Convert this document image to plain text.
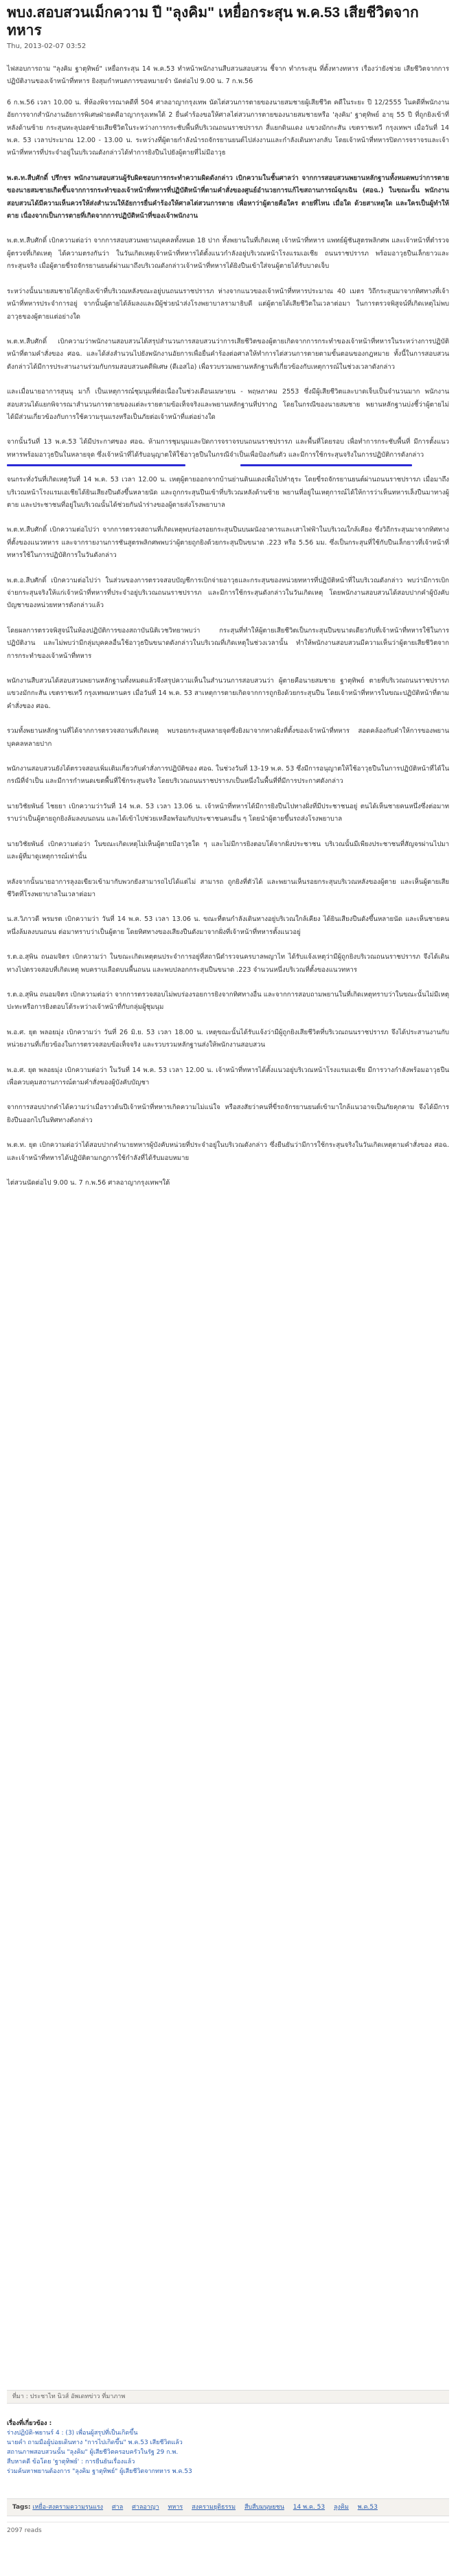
พบง.สอบสวนเม็กความ ปี "ลุงคิม" เหยื่อกระสุน พ.ค.53 เสียชีวิตจากทหาร
Thu, 2013-02-07 03:52

ไฟสอบการถาม "ลุงคิม ฐาตุทิพย์" เหยื่อกระสุน 14 พ.ค.53 ทำหน้าพนักงานสืบสวนสอบสวน ชี้จาก ทำกระสุน ที่ตั้งทางทหาร เรื่องว่ายังช่วย เสียชีวิตจากการปฏิบัติงานของเจ้าหน้าที่ทหาร ยิงสุมกำหนดการขอหมายจำ นัดต่อไป 9.00 น. 7 ก.พ.56

6 ก.พ.56 เวลา 10.00 น. ที่ห้องพิจารณาคดีที่ 504 ศาลอาญากรุงเทพ นัดไต่สวนการตายของนายสมชายผู้เสียชีวิต คดีในระยะ ปี 12/2555 ในคดีที่พนักงานอัยการจากสำนักงานอัยการพิเศษฝ่ายคดีอาญากรุงเทพใต้ 2 ยื่นคำร้องขอให้ศาลไต่สวนการตายของนายสมชายหรือ 'ลุงคิม' ฐาตุทิพย์ อายุ 55 ปี ที่ถูกยิงเข้าที่หลังด้านซ้าย กระสุนทะลุปอดซ้ายเสียชีวิตในระหว่างการกระชับพื้นที่บริเวณถนนราชปรารภ สี่แยกดินแดง แขวงมักกะสัน เขตราชเทวี กรุงเทพฯ เมื่อวันที่ 14 พ.ค. 53 เวลาประมาณ 12.00 - 13.00 น. ระหว่างที่ผู้ตายกำลังนำรถจักรยานยนต์ไปส่งงานและกำลังเดินทางกลับ โดยเจ้าหน้าที่ทหารปิดการจราจรและเจ้าหน้าที่ทหารที่ประจำอยู่ในบริเวณดังกล่าวได้ทำการยิงปืนไปยังผู้ตายที่ไม่มีอาวุธ

พ.ต.ท.สืบศักดิ์ ปรึกชร พนักงานสอบสวนผู้รับผิดชอบการกระทำความผิดดังกล่าว เบิกความในชั้นศาลว่า จากการสอบสวนพยานหลักฐานทั้งหมดพบว่าการตายของนายสมชายเกิดขึ้นจากการกระทำของเจ้าหน้าที่ทหารที่ปฏิบัติหน้าที่ตามคำสั่งของศูนย์อำนวยการแก้ไขสถานการณ์ฉุกเฉิน (ศอฉ.) ในขณะนั้น พนักงานสอบสวนได้มีความเห็นควรให้ส่งสำนวนให้อัยการยื่นคำร้องให้ศาลไต่สวนการตาย เพื่อหาว่าผู้ตายคือใคร ตายที่ไหน เมื่อใด ด้วยสาเหตุใด และใครเป็นผู้ทำให้ตาย เนื่องจากเป็นการตายที่เกิดจากการปฏิบัติหน้าที่ของเจ้าพนักงาน

พ.ต.ท.สืบศักดิ์ เบิกความต่อว่า จากการสอบสวนพยานบุคคลทั้งหมด 18 ปาก ทั้งพยานในที่เกิดเหตุ เจ้าหน้าที่ทหาร แพทย์ผู้ชันสูตรพลิกศพ และเจ้าหน้าที่ตำรวจผู้ตรวจที่เกิดเหตุ ได้ความตรงกันว่า ในวันเกิดเหตุเจ้าหน้าที่ทหารได้ตั้งแนวกำลังอยู่บริเวณหน้าโรงแรมเอเชีย ถนนราชปรารภ พร้อมอาวุธปืนเล็กยาวและกระสุนจริง เมื่อผู้ตายขี่รถจักรยานยนต์ผ่านมาถึงบริเวณดังกล่าวเจ้าหน้าที่ทหารได้ยิงปืนเข้าใส่จนผู้ตายได้รับบาดเจ็บ

ระหว่างนั้นนายสมชายได้ถูกยิงเข้าที่บริเวณหลังขณะอยู่บนถนนราชปรารภ ห่างจากแนวของเจ้าหน้าที่ทหารประมาณ 40 เมตร วิถีกระสุนมาจากทิศทางที่เจ้าหน้าที่ทหารประจำการอยู่ จากนั้นผู้ตายได้ล้มลงและมีผู้ช่วยนำส่งโรงพยาบาลรามาธิบดี แต่ผู้ตายได้เสียชีวิตในเวลาต่อมา ในการตรวจพิสูจน์ที่เกิดเหตุไม่พบอาวุธของผู้ตายแต่อย่างใด

พ.ต.ท.สืบศักดิ์ เบิกความว่าพนักงานสอบสวนได้สรุปสำนวนการสอบสวนว่าการเสียชีวิตของผู้ตายเกิดจากการกระทำของเจ้าหน้าที่ทหารในระหว่างการปฏิบัติหน้าที่ตามคำสั่งของ ศอฉ. และได้ส่งสำนวนไปยังพนักงานอัยการเพื่อยื่นคำร้องต่อศาลให้ทำการไต่สวนการตายตามขั้นตอนของกฎหมาย ทั้งนี้ในการสอบสวนดังกล่าวได้มีการประสานงานร่วมกับกรมสอบสวนคดีพิเศษ (ดีเอสไอ) เพื่อรวบรวมพยานหลักฐานที่เกี่ยวข้องกับเหตุการณ์ในช่วงเวลาดังกล่าว

และเมื่อนายอาการสุนนุ มาก็ เป็นเหตุการณ์ชุมนุมที่ต่อเนื่องในช่วงเดือนเมษายน - พฤษภาคม 2553 ซึ่งมีผู้เสียชีวิตและบาดเจ็บเป็นจำนวนมาก พนักงานสอบสวนได้แยกพิจารณาสำนวนการตายของแต่ละรายตามข้อเท็จจริงและพยานหลักฐานที่ปรากฏ โดยในกรณีของนายสมชาย พยานหลักฐานบ่งชี้ว่าผู้ตายไม่ได้มีส่วนเกี่ยวข้องกับการใช้ความรุนแรงหรือเป็นภัยต่อเจ้าหน้าที่แต่อย่างใด

จากนั้นวันที่ 13 พ.ค.53 ได้มีประกาศของ ศอฉ. ห้ามการชุมนุมและปิดการจราจรบนถนนราชปรารภ และพื้นที่โดยรอบ เพื่อทำการกระชับพื้นที่ มีการตั้งแนวทหารพร้อมอาวุธปืนในหลายจุด ซึ่งเจ้าหน้าที่ได้รับอนุญาตให้ใช้อาวุธปืนในกรณีจำเป็นเพื่อป้องกันตัว และมีการใช้กระสุนจริงในการปฏิบัติการดังกล่าว

จนกระทั่งวันที่เกิดเหตุวันที่ 14 พ.ค. 53 เวลา 12.00 น. เหตุผู้ตายออกจากบ้านย่านดินแดงเพื่อไปทำธุระ โดยขี่รถจักรยานยนต์ผ่านถนนราชปรารภ เมื่อมาถึงบริเวณหน้าโรงแรมเอเชียได้ยินเสียงปืนดังขึ้นหลายนัด และถูกกระสุนปืนเข้าที่บริเวณหลังด้านซ้าย พยานที่อยู่ในเหตุการณ์ได้ให้การว่าเห็นทหารเล็งปืนมาทางผู้ตาย และประชาชนที่อยู่ในบริเวณนั้นได้ช่วยกันนำร่างของผู้ตายส่งโรงพยาบาล

พ.ต.ท.สืบศักดิ์ เบิกความต่อไปว่า จากการตรวจสถานที่เกิดเหตุพบร่องรอยกระสุนปืนบนผนังอาคารและเสาไฟฟ้าในบริเวณใกล้เคียง ซึ่งวิถีกระสุนมาจากทิศทางที่ตั้งของแนวทหาร และจากรายงานการชันสูตรพลิกศพพบว่าผู้ตายถูกยิงด้วยกระสุนปืนขนาด .223 หรือ 5.56 มม. ซึ่งเป็นกระสุนที่ใช้กับปืนเล็กยาวที่เจ้าหน้าที่ทหารใช้ในการปฏิบัติการในวันดังกล่าว

พ.ต.อ.สืบศักดิ์ เบิกความต่อไปว่า ในส่วนของการตรวจสอบบัญชีการเบิกจ่ายอาวุธและกระสุนของหน่วยทหารที่ปฏิบัติหน้าที่ในบริเวณดังกล่าว พบว่ามีการเบิกจ่ายกระสุนจริงให้แก่เจ้าหน้าที่ทหารที่ประจำอยู่บริเวณถนนราชปรารภ และมีการใช้กระสุนดังกล่าวในวันเกิดเหตุ โดยพนักงานสอบสวนได้สอบปากคำผู้บังคับบัญชาของหน่วยทหารดังกล่าวแล้ว

โดยผลการตรวจพิสูจน์ในห้องปฏิบัติการของสถาบันนิติเวชวิทยาพบว่า กระสุนที่ทำให้ผู้ตายเสียชีวิตเป็นกระสุนปืนขนาดเดียวกับที่เจ้าหน้าที่ทหารใช้ในการปฏิบัติงาน และไม่พบว่ามีกลุ่มบุคคลอื่นใช้อาวุธปืนขนาดดังกล่าวในบริเวณที่เกิดเหตุในช่วงเวลานั้น ทำให้พนักงานสอบสวนมีความเห็นว่าผู้ตายเสียชีวิตจากการกระทำของเจ้าหน้าที่ทหาร

พนักงานสืบสวนได้สอบสวนพยานหลักฐานทั้งหมดแล้วจึงสรุปความเห็นในสำนวนการสอบสวนว่า ผู้ตายคือนายสมชาย ฐาตุทิพย์ ตายที่บริเวณถนนราชปรารภ แขวงมักกะสัน เขตราชเทวี กรุงเทพมหานคร เมื่อวันที่ 14 พ.ค. 53 สาเหตุการตายเกิดจากการถูกยิงด้วยกระสุนปืน โดยเจ้าหน้าที่ทหารในขณะปฏิบัติหน้าที่ตามคำสั่งของ ศอฉ.

รวมทั้งพยานหลักฐานที่ได้จากการตรวจสถานที่เกิดเหตุ พบรอยกระสุนหลายจุดซึ่งยิงมาจากทางฝั่งที่ตั้งของเจ้าหน้าที่ทหาร สอดคล้องกับคำให้การของพยานบุคคลหลายปาก

พนักงานสอบสวนยังได้ตรวจสอบเพิ่มเติมเกี่ยวกับคำสั่งการปฏิบัติของ ศอฉ. ในช่วงวันที่ 13-19 พ.ค. 53 ซึ่งมีการอนุญาตให้ใช้อาวุธปืนในการปฏิบัติหน้าที่ได้ในกรณีที่จำเป็น และมีการกำหนดเขตพื้นที่ใช้กระสุนจริง โดยบริเวณถนนราชปรารภเป็นหนึ่งในพื้นที่ที่มีการประกาศดังกล่าว

นายวิชัยพันธ์ ไชยยา เบิกความว่าวันที่ 14 พ.ค. 53 เวลา 13.06 น. เจ้าหน้าที่ทหารได้มีการยิงปืนไปทางฝั่งที่มีประชาชนอยู่ ตนได้เห็นชายคนหนึ่งซึ่งต่อมาทราบว่าเป็นผู้ตายถูกยิงล้มลงบนถนน และได้เข้าไปช่วยเหลือพร้อมกับประชาชนคนอื่น ๆ โดยนำผู้ตายขึ้นรถส่งโรงพยาบาล

นายวิชัยพันธ์ เบิกความต่อว่า ในขณะเกิดเหตุไม่เห็นผู้ตายมีอาวุธใด ๆ และไม่มีการยิงตอบโต้จากฝั่งประชาชน บริเวณนั้นมีเพียงประชาชนที่สัญจรผ่านไปมาและผู้ที่มาดูเหตุการณ์เท่านั้น

หลังจากนั้นนายอาการลุงอเขียวเข้ามากับพวกยังสามารถไปได้แต่ไม่ สามารถ ถูกยิงที่ตัวได้ และพยานเห็นรอยกระสุนบริเวณหลังของผู้ตาย และเห็นผู้ตายเสียชีวิตที่โรงพยาบาลในเวลาต่อมา

น.ส.วิภาวดี พรมรต เบิกความว่า วันที่ 14 พ.ค. 53 เวลา 13.06 น. ขณะที่ตนกำลังเดินทางอยู่บริเวณใกล้เคียง ได้ยินเสียงปืนดังขึ้นหลายนัด และเห็นชายคนหนึ่งล้มลงบนถนน ต่อมาทราบว่าเป็นผู้ตาย โดยทิศทางของเสียงปืนดังมาจากฝั่งที่เจ้าหน้าที่ทหารตั้งแนวอยู่

ร.ต.อ.สุพิน ถนอมจิตร เบิกความว่า ในขณะเกิดเหตุตนประจำการอยู่ที่สถานีตำรวจนครบาลพญาไท ได้รับแจ้งเหตุว่ามีผู้ถูกยิงบริเวณถนนราชปรารภ จึงได้เดินทางไปตรวจสอบที่เกิดเหตุ พบคราบเลือดบนพื้นถนน และพบปลอกกระสุนปืนขนาด .223 จำนวนหนึ่งบริเวณที่ตั้งของแนวทหาร

ร.ต.อ.สุพิน ถนอมจิตร เบิกความต่อว่า จากการตรวจสอบไม่พบร่องรอยการยิงจากทิศทางอื่น และจากการสอบถามพยานในที่เกิดเหตุทราบว่าในขณะนั้นไม่มีเหตุปะทะหรือการยิงตอบโต้ระหว่างเจ้าหน้าที่กับกลุ่มผู้ชุมนุม

พ.อ.ศ. ยุต พลอยมุ่ง เบิกความว่า วันที่ 26 มิ.ย. 53 เวลา 18.00 น. เหตุขณะนั้นได้รับแจ้งว่ามีผู้ถูกยิงเสียชีวิตที่บริเวณถนนราชปรารภ จึงได้ประสานงานกับหน่วยงานที่เกี่ยวข้องในการตรวจสอบข้อเท็จจริง และรวบรวมหลักฐานส่งให้พนักงานสอบสวน

พ.อ.ศ. ยุต พลอยมุ่ง เบิกความต่อว่า ในวันที่ 14 พ.ค. 53 เวลา 12.00 น. เจ้าหน้าที่ทหารได้ตั้งแนวอยู่บริเวณหน้าโรงแรมเอเชีย มีการวางกำลังพร้อมอาวุธปืนเพื่อควบคุมสถานการณ์ตามคำสั่งของผู้บังคับบัญชา

จากการสอบปากคำได้ความว่าเมื่อราวต้นปีเจ้าหน้าที่ทหารเกิดความไม่แน่ใจ หรือสงสัยว่าคนที่ขี่รถจักรยานยนต์เข้ามาใกล้แนวอาจเป็นภัยคุกคาม จึงได้มีการยิงปืนออกไปในทิศทางดังกล่าว

พ.ต.ท. ยุต เบิกความต่อว่าได้สอบปากคำนายทหารผู้บังคับหน่วยที่ประจำอยู่ในบริเวณดังกล่าว ซึ่งยืนยันว่ามีการใช้กระสุนจริงในวันเกิดเหตุตามคำสั่งของ ศอฉ. และเจ้าหน้าที่ทหารได้ปฏิบัติตามกฎการใช้กำลังที่ได้รับมอบหมาย

ไต่สวนนัดต่อไป 9.00 น. 7 ก.พ.56 ศาลอาญากรุงเทพฯใต้
ที่มา : ประชาไท นิวส์ อัพเดทข่าว ที่มาภาพ
เรื่องที่เกี่ยวข้อง :
ร่างปฏิบัติ-พยานร์ 4 : (3) เพื่อนผู้สรุปที่เป็นเกิดขึ้น
นายคำ ถามมือผู้บ่อยเดินทาง "การไปเกิดขึ้น" พ.ค.53 เสียชีวิตแล้ว
สถานภาพสอบสวนนั้น "ลุงคิม" ผู้เสียชีวิตครอบครัวในรัฐ 29 ก.พ.
สืบหาคดี ข้อโดย 'ฐาตุทิพย์' : การยืนยันเรื่องแล้ว
ร่วมค้นหาพยานต้องการ "ลุงคิม ฐาตุทิพย์" ผู้เสียชีวิตจากทหาร พ.ค.53
Tags: เหยื่อ-สงครามความรุนแรง ศาล ศาลอาญา ทหาร สงครามยุติธรรม สืบสืบมนุษยชน 14 พ.ค. 53 ลุงคิม พ.ค.53
2097 reads
